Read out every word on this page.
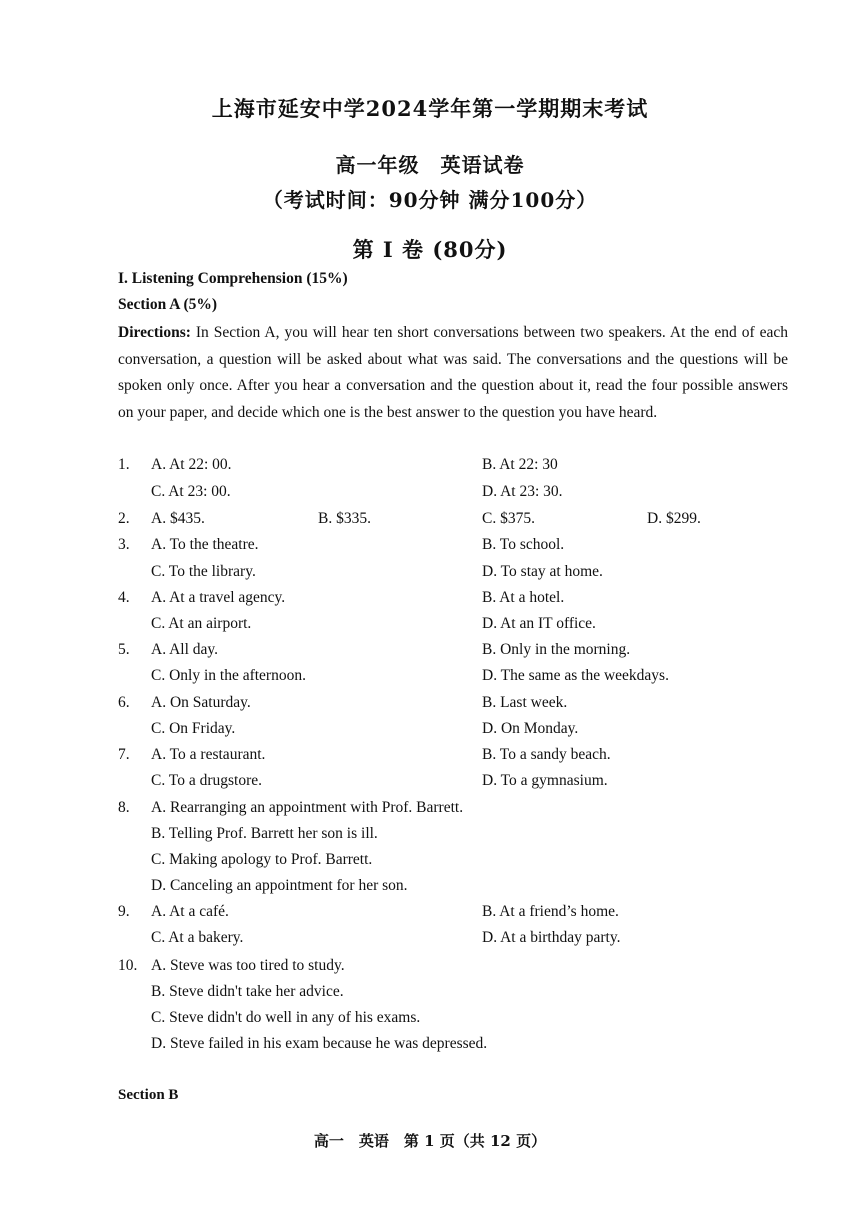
上海市延安中学2024学年第一学期期末考试
高一年级　英语试卷
（考试时间：90分钟 满分100分）
第 I 卷 (80分)
I. Listening Comprehension (15%)
Section A (5%)
Directions: In Section A, you will hear ten short conversations between two speakers. At the end of each conversation, a question will be asked about what was said. The conversations and the questions will be spoken only once. After you hear a conversation and the question about it, read the four possible answers on your paper, and decide which one is the best answer to the question you have heard.
1. A. At 22: 00.	B. At 22: 30
C. At 23: 00.	D. At 23: 30.
2. A. $435.	B. $335.	C. $375.	D. $299.
3. A. To the theatre.	B. To school.
C. To the library.	D. To stay at home.
4. A. At a travel agency.	B. At a hotel.
C. At an airport.	D. At an IT office.
5. A. All day.	B. Only in the morning.
C. Only in the afternoon.	D. The same as the weekdays.
6. A. On Saturday.	B. Last week.
C. On Friday.	D. On Monday.
7. A. To a restaurant.	B. To a sandy beach.
C. To a drugstore.	D. To a gymnasium.
8. A. Rearranging an appointment with Prof. Barrett.
B. Telling Prof. Barrett her son is ill.
C. Making apology to Prof. Barrett.
D. Canceling an appointment for her son.
9. A. At a café.	B. At a friend’s home.
C. At a bakery.	D. At a birthday party.
10. A. Steve was too tired to study.
B. Steve didn't take her advice.
C. Steve didn't do well in any of his exams.
D. Steve failed in his exam because he was depressed.
Section B
高一　英语　第 1 页（共 12 页）
